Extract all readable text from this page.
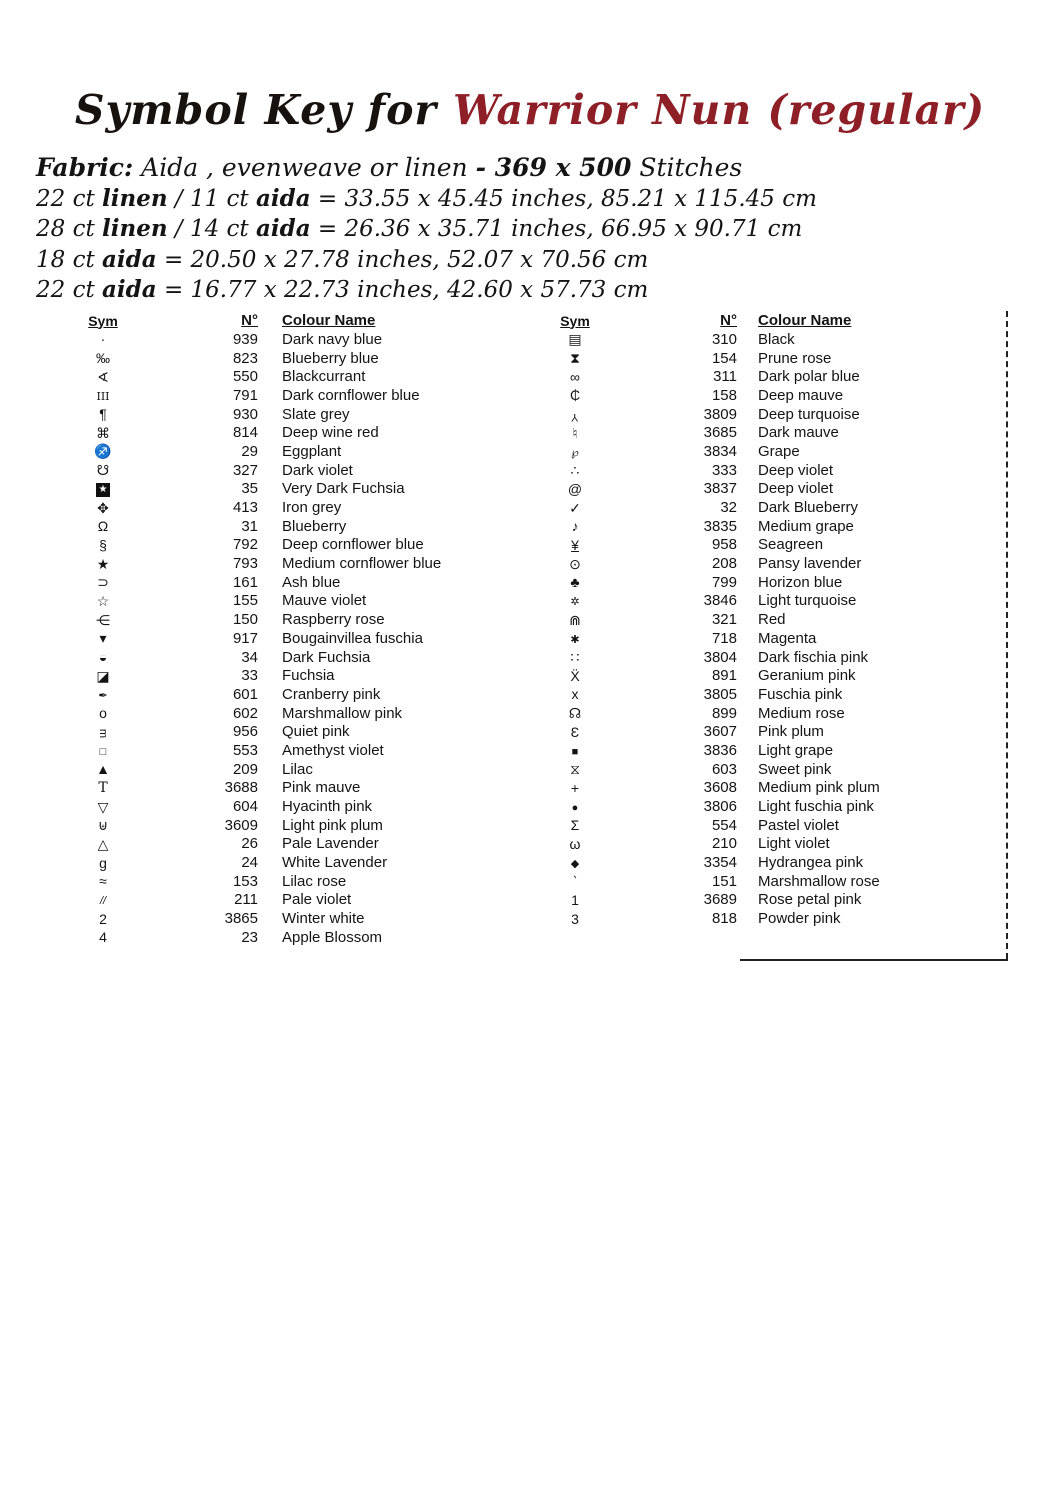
Symbol Key for Warrior Nun (regular)
Fabric: Aida , evenweave or linen - 369 x 500 Stitches
22 ct linen / 11 ct aida = 33.55 x 45.45 inches, 85.21 x 115.45 cm
28 ct linen / 14 ct aida = 26.36 x 35.71 inches, 66.95 x 90.71 cm
18 ct aida = 20.50 x 27.78 inches, 52.07 x 70.56 cm
22 ct aida = 16.77 x 22.73 inches, 42.60 x 57.73 cm
Sym	N°	Colour Name
·	939	Dark navy blue
‰	823	Blueberry blue
∢	550	Blackcurrant
III	791	Dark cornflower blue
¶	930	Slate grey
⌘	814	Deep wine red
♐	29	Eggplant
☋	327	Dark violet
★	35	Very Dark Fuchsia
✥	413	Iron grey
Ω	31	Blueberry
§	792	Deep cornflower blue
★	793	Medium cornflower blue
⊃	161	Ash blue
☆	155	Mauve violet
⋲	150	Raspberry rose
▾	917	Bougainvillea fuschia
◒	34	Dark Fuchsia
◪	33	Fuchsia
✒	601	Cranberry pink
o	602	Marshmallow pink
m	956	Quiet pink
□	553	Amethyst violet
▲	209	Lilac
T	3688	Pink mauve
▽	604	Hyacinth pink
⊎	3609	Light pink plum
△	26	Pale Lavender
g	24	White Lavender
≈	153	Lilac rose
//	211	Pale violet
2	3865	Winter white
4	23	Apple Blossom
Sym	N°	Colour Name
▤	310	Black
⧗	154	Prune rose
∞	311	Dark polar blue
₵	158	Deep mauve
Y	3809	Deep turquoise
♮	3685	Dark mauve
℘	3834	Grape
∴	333	Deep violet
@	3837	Deep violet
✓	32	Dark Blueberry
♪	3835	Medium grape
¥	958	Seagreen
⊙	208	Pansy lavender
♣	799	Horizon blue
✲	3846	Light turquoise
⋒	321	Red
✱	718	Magenta
∷	3804	Dark fischia pink
Ẍ	891	Geranium pink
x	3805	Fuschia pink
☊	899	Medium rose
Ɛ	3607	Pink plum
■	3836	Light grape
⧖	603	Sweet pink
+	3608	Medium pink plum
●	3806	Light fuschia pink
Σ	554	Pastel violet
ω	210	Light violet
◆	3354	Hydrangea pink
‵	151	Marshmallow rose
1	3689	Rose petal pink
3	818	Powder pink
